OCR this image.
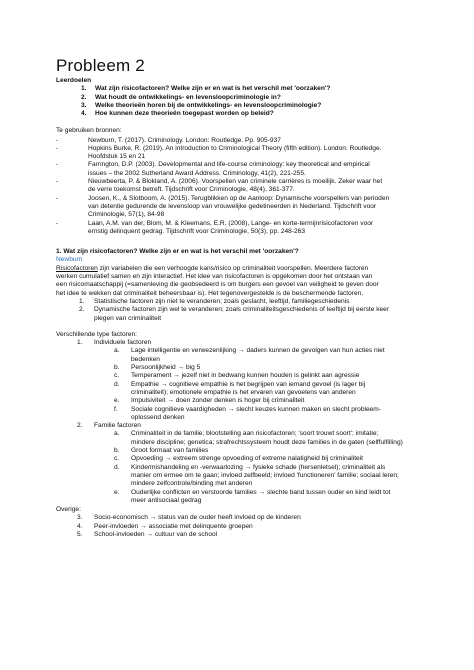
Probleem 2
Leerdoelen
1. Wat zijn risicofactoren? Welke zijn er en wat is het verschil met 'oorzaken'?
2. Wat houdt de ontwikkelings- en levensloopcriminologie in?
3. Welke theorieën horen bij de ontwikkelings- en levensloopcriminologie?
4. Hoe kunnen deze theorieën toegepast worden op beleid?
Te gebruiken bronnen:
-	Newburn, T. (2017). Criminology. London: Routledge. Pp. 905-937
-	Hopkins Burke, R. (2019). An introduction to Criminological Theory (fifth edition). London: Routledge.
Hoofdstuk 15 en 21
-	Farrington, D.P. (2003). Developmental and life-course criminology: key theoretical and empirical
issues – the 2002 Sutherland Award Address. Criminology, 41(2), 221-255.
-	Nieuwbeerta, P. & Blokland, A. (2006). Voorspellen van criminele carrières is moeilijk. Zeker waar het
de verre toekomst betreft. Tijdschrift voor Criminologie, 48(4), 361-377.
-	Joosen, K., & Slotboom, A. (2015). Terugblikken op de Aanloop: Dynamische voorspellers van perioden
van detentie gedurende de levensloop van vrouwelijke gedetineerden in Nederland. Tijdschrift voor
Criminologie, 57(1), 84-98
-	Laan, A.M. van der, Blom, M. & Kleemans, E.R. (2008), Lange- en korte-termijnrisicofactoren voor
ernstig delinquent gedrag. Tijdschrift voor Criminologie, 50(3), pp. 248-263
1. Wat zijn risicofactoren? Welke zijn er en wat is het verschil met 'oorzaken'?
Newburn
Risicofactoren zijn variabelen die een verhoogde kans/risico op criminaliteit voorspellen. Meerdere factoren
werken cumulatief samen en zijn interactief. Het idee van risicofactoren is opgekomen door het ontstaan van
een risicomaatschappij (=samenleving die geobsedeerd is om burgers een gevoel van veiligheid te geven door
het idee te wekken dat criminaliteit beheersbaar is). Het tegenovergestelde is de beschermende factoren.
1. Statistische factoren zijn niet te veranderen; zoals geslacht, leeftijd, familiegeschiedenis
2. Dynamische factoren zijn wel te veranderen; zoals criminaliteitsgeschiedenis of leeftijd bij eerste keer
plegen van criminaliteit
Verschillende type factoren:
1. Individuele factoren
a. Lage intelligentie en verwezenlijking → daders kunnen de gevolgen van hun acties niet
bedenken
b. Persoonlijkheid → big 5
c. Temperament → jezelf niet in bedwang kunnen houden is gelinkt aan agressie
d. Empathie → cognitieve empathie is het begrijpen van iemand gevoel (is lager bij
criminaliteit); emotionele empathie is het ervaren van gevoelens van anderen
e. Impulsiviteit → doen zonder denken is hoger bij criminaliteit
f. Sociale cognitieve vaardigheden → slecht keuzes kunnen maken en slecht probleem-
oplossend denken
2. Familie factoren
a. Criminaliteit in de familie; blootstelling aan risicofactoren; 'soort trouwt soort'; imitatie;
mindere discipline; genetica; strafrechtssysteem houdt deze families in de gaten (selffulfilling)
b. Groot formaat van families
c. Opvoeding → extreem strenge opvoeding of extreme nalatigheid bij criminaliteit
d. Kindermishandeling en -verwaarlozing → fysieke schade (hersenletsel); criminaliteit als
manier om ermee om te gaan; invloed zelfbeeld; invloed 'functioneren' familie; sociaal leren;
mindere zelfcontrole/binding met anderen
e. Ouderlijke conflicten en verstoorde families → slechte band tussen ouder en kind leidt tot
meer antisociaal gedrag
Overige:
3. Socio-economisch → status van de ouder heeft invloed op de kinderen
4. Peer-invloeden → associatie met delinquente groepen
5. School-invloeden → cultuur van de school
